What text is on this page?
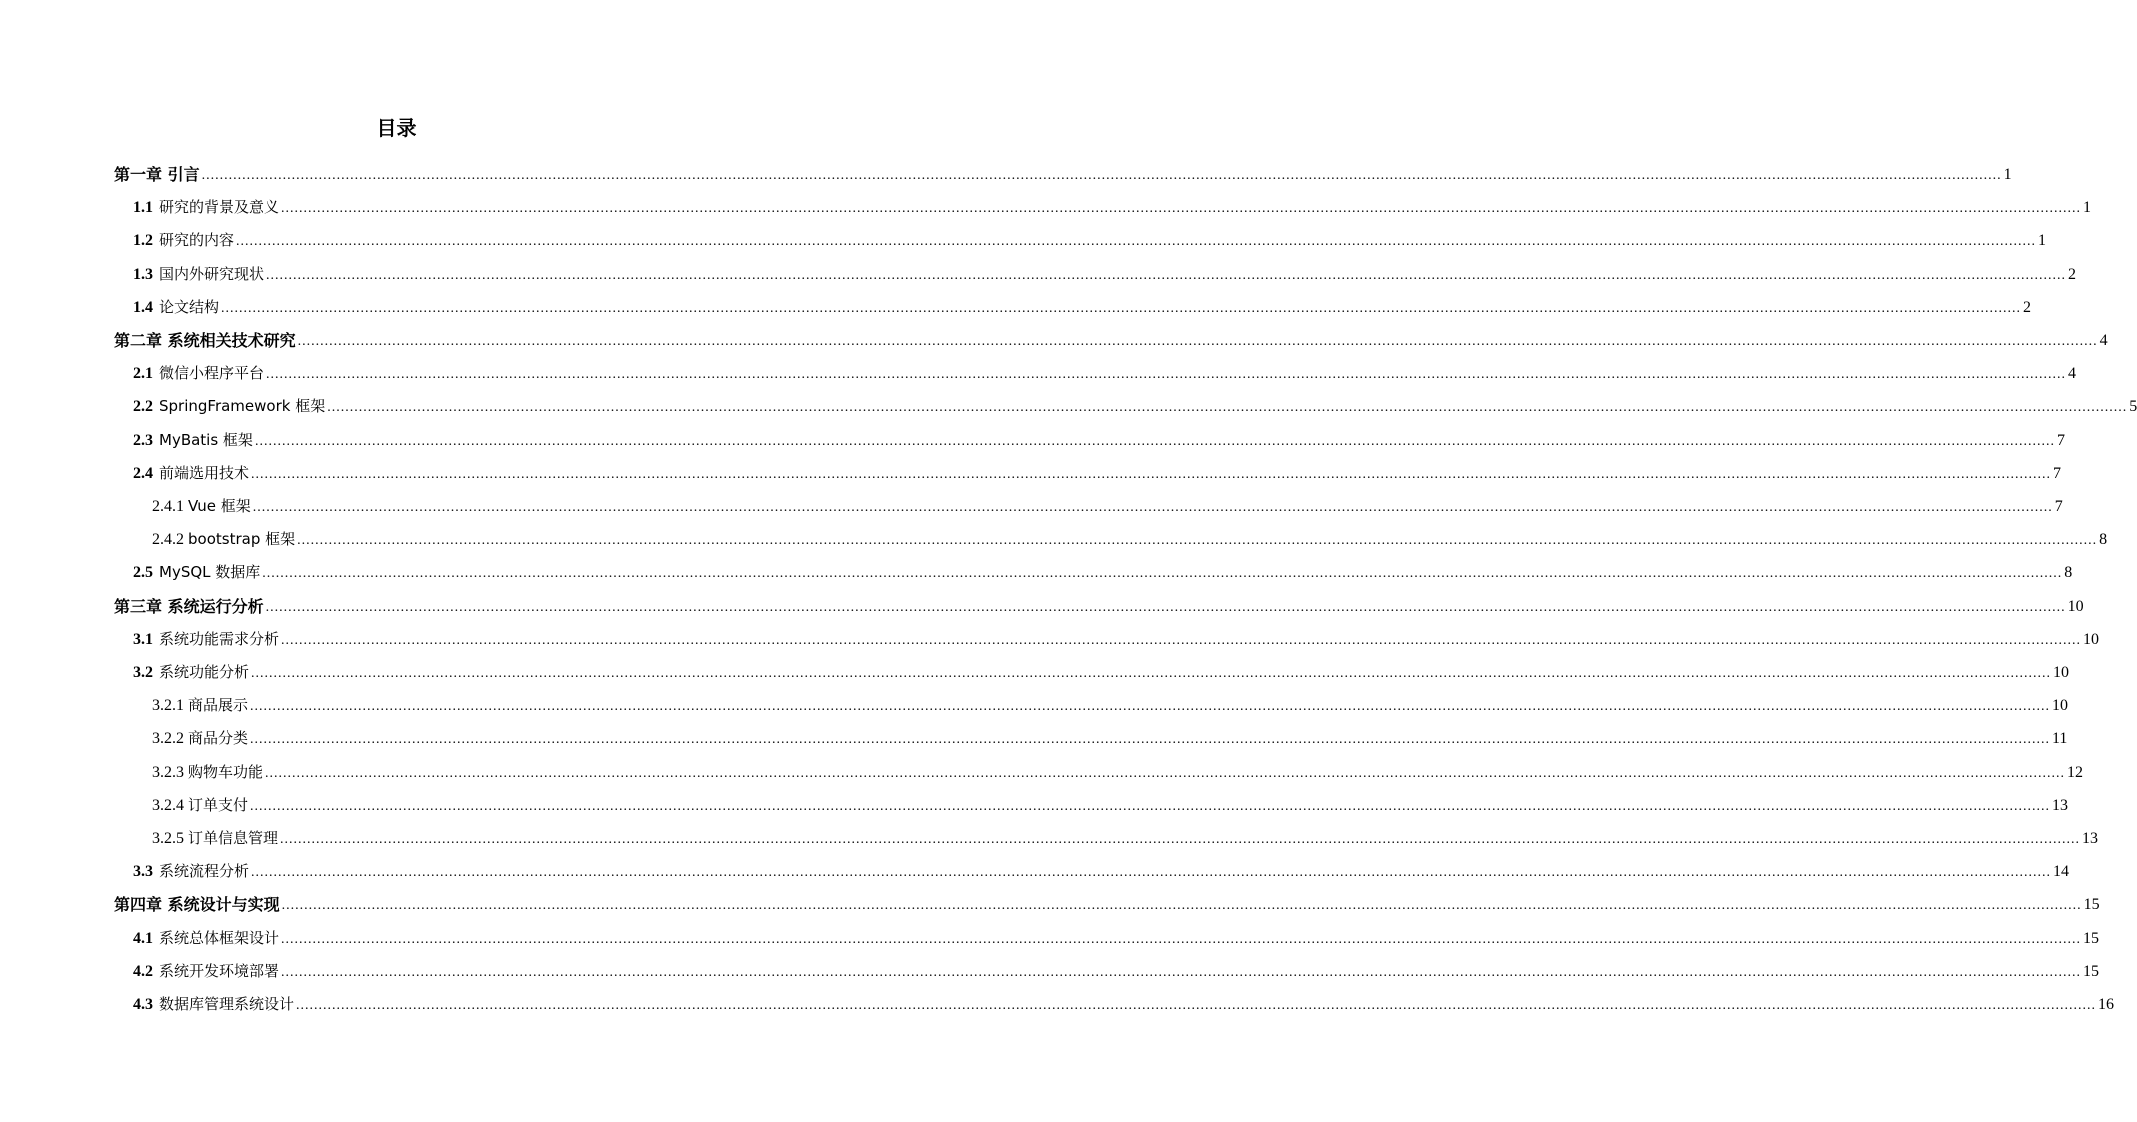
目录
第一章 引言 ................................................................................................................................................................................................................................................................................................................................................................................................................ 1
1.1 研究的背景及意义 ................................................................................................................................................................................................................................................................................................................................................................................................................ 1
1.2 研究的内容 ................................................................................................................................................................................................................................................................................................................................................................................................................ 1
1.3 国内外研究现状 ................................................................................................................................................................................................................................................................................................................................................................................................................ 2
1.4 论文结构 ................................................................................................................................................................................................................................................................................................................................................................................................................ 2
第二章 系统相关技术研究 ................................................................................................................................................................................................................................................................................................................................................................................................................ 4
2.1 微信小程序平台 ................................................................................................................................................................................................................................................................................................................................................................................................................ 4
2.2 SpringFramework 框架 ................................................................................................................................................................................................................................................................................................................................................................................................................ 5
2.3 MyBatis 框架 ................................................................................................................................................................................................................................................................................................................................................................................................................ 7
2.4 前端选用技术 ................................................................................................................................................................................................................................................................................................................................................................................................................ 7
2.4.1 Vue 框架 ................................................................................................................................................................................................................................................................................................................................................................................................................ 7
2.4.2 bootstrap 框架 ................................................................................................................................................................................................................................................................................................................................................................................................................ 8
2.5 MySQL 数据库 ................................................................................................................................................................................................................................................................................................................................................................................................................ 8
第三章 系统运行分析 ................................................................................................................................................................................................................................................................................................................................................................................................................ 10
3.1 系统功能需求分析 ................................................................................................................................................................................................................................................................................................................................................................................................................ 10
3.2 系统功能分析 ................................................................................................................................................................................................................................................................................................................................................................................................................ 10
3.2.1 商品展示 ................................................................................................................................................................................................................................................................................................................................................................................................................ 10
3.2.2 商品分类 ................................................................................................................................................................................................................................................................................................................................................................................................................ 11
3.2.3 购物车功能 ................................................................................................................................................................................................................................................................................................................................................................................................................ 12
3.2.4 订单支付 ................................................................................................................................................................................................................................................................................................................................................................................................................ 13
3.2.5 订单信息管理 ................................................................................................................................................................................................................................................................................................................................................................................................................ 13
3.3 系统流程分析 ................................................................................................................................................................................................................................................................................................................................................................................................................ 14
第四章 系统设计与实现 ................................................................................................................................................................................................................................................................................................................................................................................................................ 15
4.1 系统总体框架设计 ................................................................................................................................................................................................................................................................................................................................................................................................................ 15
4.2 系统开发环境部署 ................................................................................................................................................................................................................................................................................................................................................................................................................ 15
4.3 数据库管理系统设计 ................................................................................................................................................................................................................................................................................................................................................................................................................ 16
